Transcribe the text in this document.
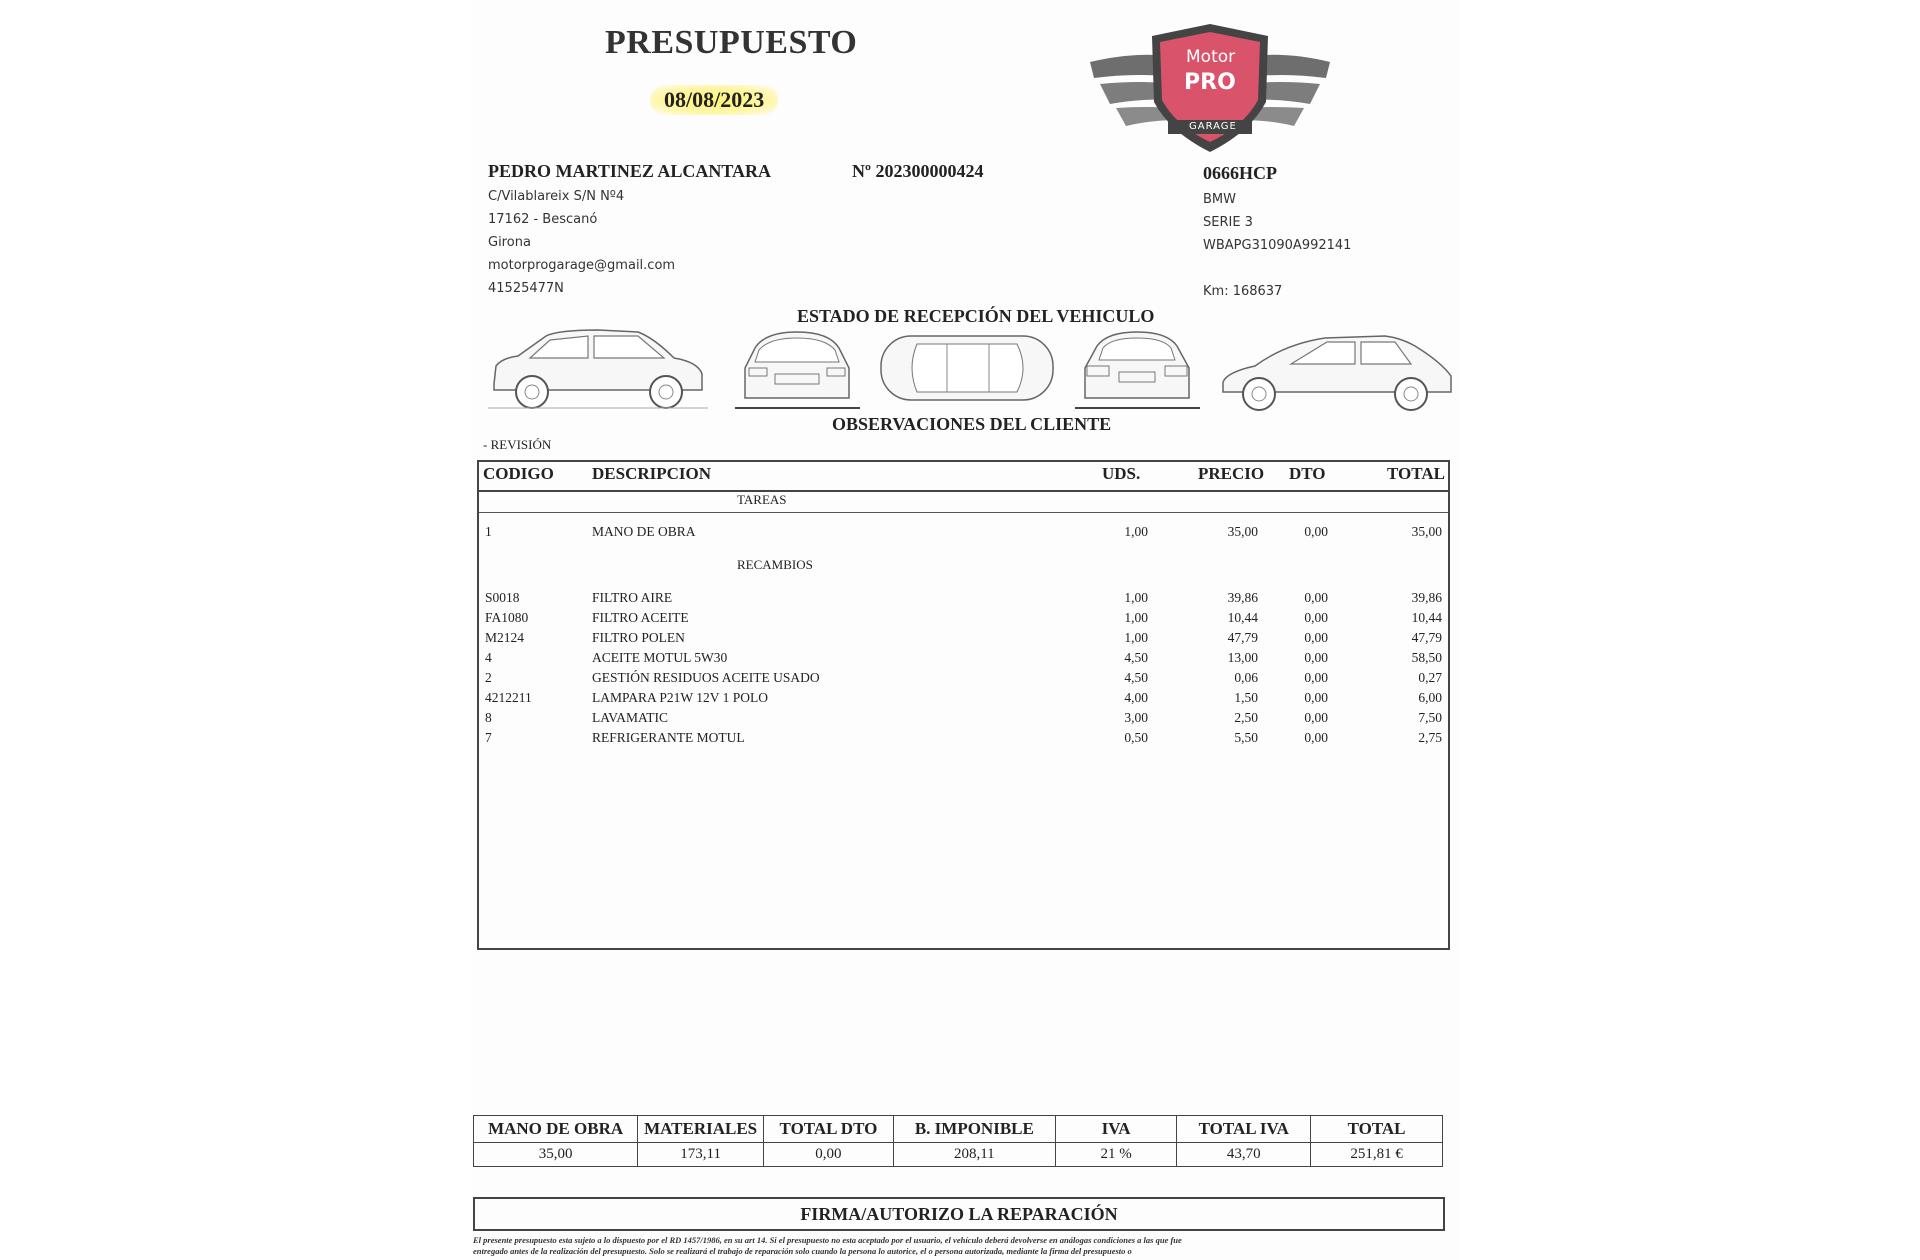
PRESUPUESTO
08/08/2023
Motor
PRO
GARAGE
PEDRO MARTINEZ ALCANTARA
C/Vilablareix S/N Nº4
17162 - Bescanó
Girona
motorprogarage@gmail.com
41525477N
Nº 202300000424	0666HCP
BMW
SERIE 3
WBAPG31090A992141
Km: 168637
ESTADO DE RECEPCIÓN DEL VEHICULO
OBSERVACIONES DEL CLIENTE
- REVISIÓN
CODIGO DESCRIPCION	UDS.	PRECIO DTO	TOTAL
TAREAS
1	MANO DE OBRA	1,00	35,00	0,00	35,00
RECAMBIOS
S0018	FILTRO AIRE	1,00	39,86	0,00	39,86
FA1080	FILTRO ACEITE	1,00	10,44	0,00	10,44
M2124	FILTRO POLEN	1,00	47,79	0,00	47,79
4	ACEITE MOTUL 5W30	4,50	13,00	0,00	58,50
2	GESTIÓN RESIDUOS ACEITE USADO	4,50	0,06	0,00	0,27
4212211	LAMPARA P21W 12V 1 POLO	4,00	1,50	0,00	6,00
8	LAVAMATIC	3,00	2,50	0,00	7,50
7	REFRIGERANTE MOTUL	0,50	5,50	0,00	2,75
MANO DE OBRA	MATERIALES	TOTAL DTO	B. IMPONIBLE	IVA	TOTAL IVA	TOTAL
35,00	173,11	0,00	208,11	21 %	43,70	251,81 €
FIRMA/AUTORIZO LA REPARACIÓN
El presente presupuesto esta sujeto a lo dispuesto por el RD 1457/1986, en su art 14. Si el presupuesto no esta aceptado por el usuario, el vehículo deberá devolverse en análogas condiciones a las que fue
entregado antes de la realización del presupuesto. Solo se realizará el trabajo de reparación solo cuando la persona lo autorice, el o persona autorizada, mediante la firma del presupuesto o
